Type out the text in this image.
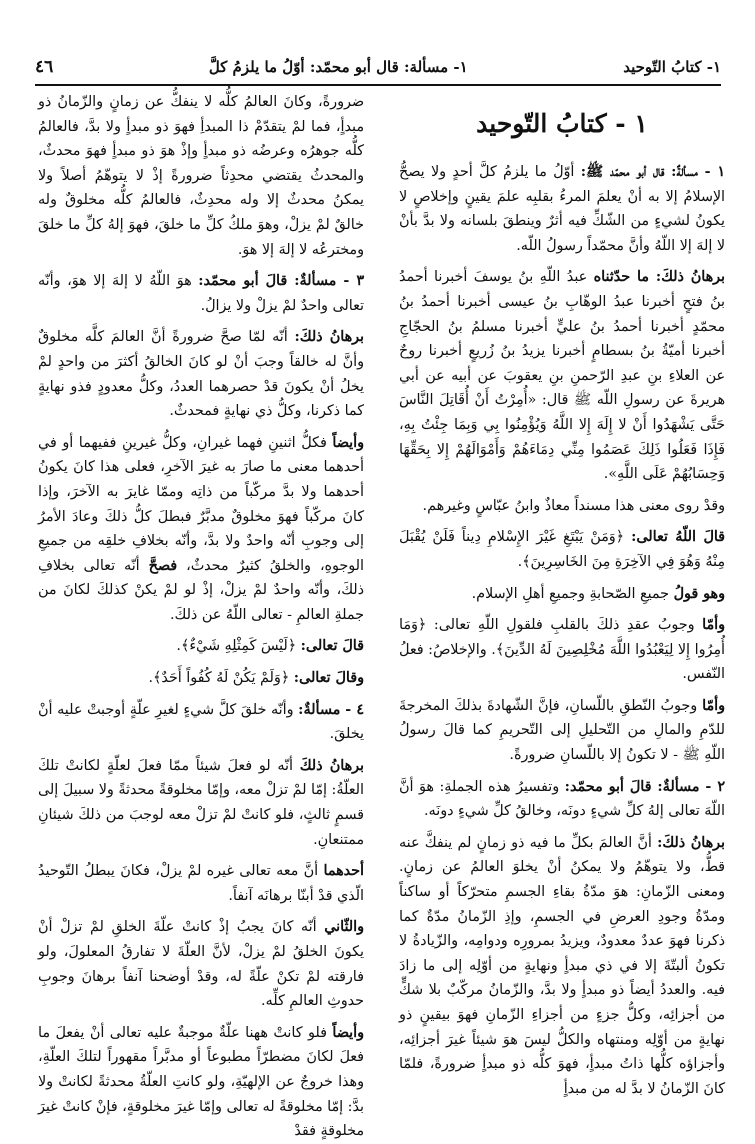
١- كتابُ التّوحيد
١- مسألة: قال أبو محمّد: أوّلُ ما يلزمُ كلَّ
٤٦
١ - كتابُ التّوحيد

١ - مسألةٌ: قال أبو محمّد ﷺ: أوّلُ ما يلزمُ كلَّ أحدٍ ولا يصحُّ الإسلامُ إلا به أنْ يعلمَ المرءُ بقلبِه علمَ يقينٍ وإخلاصٍ لا يكونُ لشيءٍ من الشّكِّ فيه أثرٌ وينطقَ بلسانه ولا بدَّ بأنْ لا إلهَ إلا اللّهُ وأنَّ محمّداً رسولُ اللّه.

برهانُ ذلكَ: ما حدّثناه عبدُ اللّهِ بنُ يوسفَ أخبرنا أحمدُ بنُ فتحٍ أخبرنا عبدُ الوهّابِ بنُ عيسى أخبرنا أحمدُ بنُ محمّدٍ أخبرنا أحمدُ بنُ عليٍّ أخبرنا مسلمُ بنُ الحجّاجِ أخبرنا أميّةُ بنُ بسطامٍ أخبرنا يزيدُ بنُ زُريعٍ أخبرنا روحٌ عن العلاءِ بنِ عبدِ الرّحمنِ بنِ يعقوبَ عن أبيه عن أبي هريرةَ عن رسولِ اللّه ﷺ قال: «أُمِرْتُ أَنْ أُقَاتِلَ النَّاسَ حَتَّى يَشْهَدُوا أَنْ لا إِلَهَ إِلا اللَّهُ وَيُؤْمِنُوا بِي وَبِمَا جِئْتُ بِهِ، فَإِذَا فَعَلُوا ذَلِكَ عَصَمُوا مِنِّي دِمَاءَهُمْ وَأَمْوَالَهُمْ إِلا بِحَقِّهَا وَحِسَابُهُمْ عَلَى اللَّهِ».

وقدْ روى معنى هذا مسنداً معاذٌ وابنُ عبّاسٍ وغيرهم.

قالَ اللّهُ تعالى: ﴿وَمَنْ يَبْتَغِ غَيْرَ الإِسْلامِ دِيناً فَلَنْ يُقْبَلَ مِنْهُ وَهُوَ فِي الآخِرَةِ مِنَ الخَاسِرِينَ﴾.

وهو قولُ جميعِ الصّحابةِ وجميعِ أهلِ الإسلام.

وأمّا وجوبُ عقدِ ذلكَ بالقلبِ فلقولِ اللّهِ تعالى: ﴿وَمَا أُمِرُوا إِلا لِيَعْبُدُوا اللَّهَ مُخْلِصِينَ لَهُ الدِّينَ﴾. والإخلاصُ: فعلُ النّفس.

وأمّا وجوبُ النّطقِ باللّسانِ، فإنَّ الشّهادةَ بذلكَ المخرجةَ للدّمِ والمالِ من التّحليلِ إلى التّحريمِ كما قالَ رسولُ اللّهِ ﷺ - لا تكونُ إلا باللّسانِ ضرورةً.

٢ - مسألةٌ: قالَ أبو محمّد: وتفسيرُ هذه الجملةِ: هوَ أنَّ اللّهَ تعالى إلهُ كلِّ شيءٍ دونَه، وخالقُ كلِّ شيءٍ دونَه.

برهانُ ذلكَ: أنَّ العالمَ بكلِّ ما فيه ذو زمانٍ لم ينفكَّ عنه قطُّ، ولا يتوهّمُ ولا يمكنُ أنْ يخلوَ العالمُ عن زمانٍ. ومعنى الزّمانِ: هوَ مدّةُ بقاءِ الجسمِ متحرّكاً أو ساكناً ومدّةُ وجودِ العرضِ في الجسمِ، وإذِ الزّمانُ مدّةٌ كما ذكرنا فهوَ عددٌ معدودٌ، ويزيدُ بمرورِه ودوامِه، والزّيادةُ لا تكونُ ألبتّةَ إلا في ذي مبدأٍ ونهايةٍ من أوّلِه إلى ما زادَ فيه. والعددُ أيضاً ذو مبدأٍ ولا بدَّ، والزّمانُ مركّبٌ بلا شكٍّ من أجزائِه، وكلُّ جزءٍ من أجزاءِ الزّمانِ فهوَ بيقينٍ ذو نهايةٍ من أوّلِه ومنتهاه والكلُّ ليسَ هوَ شيئاً غيرَ أجزائِه، وأجزاؤه كلُّها ذاتُ مبدأٍ، فهوَ كلُّه ذو مبدأٍ ضرورةً، فلمّا كانَ الزّمانُ لا بدَّ له من مبدأٍ

ضرورةً، وكانَ العالمُ كلُّه لا ينفكُّ عن زمانٍ والزّمانُ ذو مبدأٍ، فما لمْ يتقدّمْ ذا المبدأِ فهوَ ذو مبدأٍ ولا بدَّ، فالعالمُ كلُّه جوهرُه وعرضُه ذو مبدأٍ وإذْ هوَ ذو مبدأٍ فهوَ محدثٌ، والمحدثُ يقتضي محدِثاً ضرورةً إذْ لا يتوهّمُ أصلاً ولا يمكنُ محدثٌ إلا وله محدِثٌ، فالعالمُ كلُّه مخلوقٌ وله خالقٌ لمْ يزلْ، وهوَ ملكُ كلِّ ما خلقَ، فهوَ إلهُ كلِّ ما خلقَ ومخترعُه لا إلهَ إلا هوَ.

٣ - مسألةٌ: قالَ أبو محمّد: هوَ اللّهُ لا إلهَ إلا هوَ، وأنّه تعالى واحدٌ لمْ يزلْ ولا يزالُ.

برهانُ ذلكَ: أنّه لمّا صحَّ ضرورةً أنَّ العالمَ كلَّه مخلوقٌ وأنَّ له خالقاً وجبَ أنْ لو كانَ الخالقُ أكثرَ من واحدٍ لمْ يخلُ أنْ يكونَ قدْ حصرهما العددُ، وكلُّ معدودٍ فذو نهايةٍ كما ذكرنا، وكلُّ ذي نهايةٍ فمحدثٌ.

وأيضاً فكلُّ اثنينِ فهما غيرانِ، وكلُّ غيرينِ ففيهما أو في أحدهما معنى ما صارَ به غيرَ الآخرِ، فعلى هذا كانَ يكونُ أحدهما ولا بدَّ مركّباً من ذاتِه وممّا غايرَ به الآخرَ، وإذا كانَ مركّباً فهوَ مخلوقٌ مدبَّرٌ فبطلَ كلُّ ذلكَ وعادَ الأمرُ إلى وجوبِ أنّه واحدٌ ولا بدَّ، وأنّه بخلافِ خلقِه من جميعِ الوجوهِ، والخلقُ كثيرٌ محدثٌ، فصحَّ أنّه تعالى بخلافِ ذلكَ، وأنّه واحدٌ لمْ يزلْ، إذْ لو لمْ يكنْ كذلكَ لكانَ من جملةِ العالمِ - تعالى اللّهُ عن ذلكَ.

قالَ تعالى: ﴿لَيْسَ كَمِثْلِهِ شَيْءٌ﴾.

وقالَ تعالى: ﴿وَلَمْ يَكُنْ لَهُ كُفُواً أَحَدٌ﴾.

٤ - مسألةٌ: وأنّه خلقَ كلَّ شيءٍ لغيرِ علّةٍ أوجبتْ عليه أنْ يخلقَ.

برهانُ ذلكَ أنّه لو فعلَ شيئاً ممّا فعلَ لعلّةٍ لكانتْ تلكَ العلّةُ: إمّا لمْ تزلْ معه، وإمّا مخلوقةً محدثةً ولا سبيلَ إلى قسمٍ ثالثٍ، فلو كانتْ لمْ تزلْ معه لوجبَ من ذلكَ شيئانِ ممتنعانِ.

أحدهما أنَّ معه تعالى غيره لمْ يزلْ، فكانَ يبطلُ التّوحيدُ الّذي قدْ أبنّا برهانَه آنفاً.

والثّاني أنّه كانَ يجبُ إذْ كانتْ علّةَ الخلقِ لمْ تزلْ أنْ يكونَ الخلقُ لمْ يزلْ، لأنَّ العلّةَ لا تفارقُ المعلولَ، ولو فارقته لمْ تكنْ علّةً له، وقدْ أوضحنا آنفاً برهانَ وجوبِ حدوثِ العالمِ كلِّه.

وأيضاً فلو كانتْ ههنا علّةٌ موجبةٌ عليه تعالى أنْ يفعلَ ما فعلَ لكانَ مضطرّاً مطبوعاً أو مدبَّراً مقهوراً لتلكَ العلّةِ، وهذا خروجٌ عن الإلهيّةِ، ولو كانتِ العلّةُ محدثةً لكانتْ ولا بدَّ: إمّا مخلوقةً له تعالى وإمّا غيرَ مخلوقةٍ، فإنْ كانتْ غيرَ مخلوقةٍ فقدْ
